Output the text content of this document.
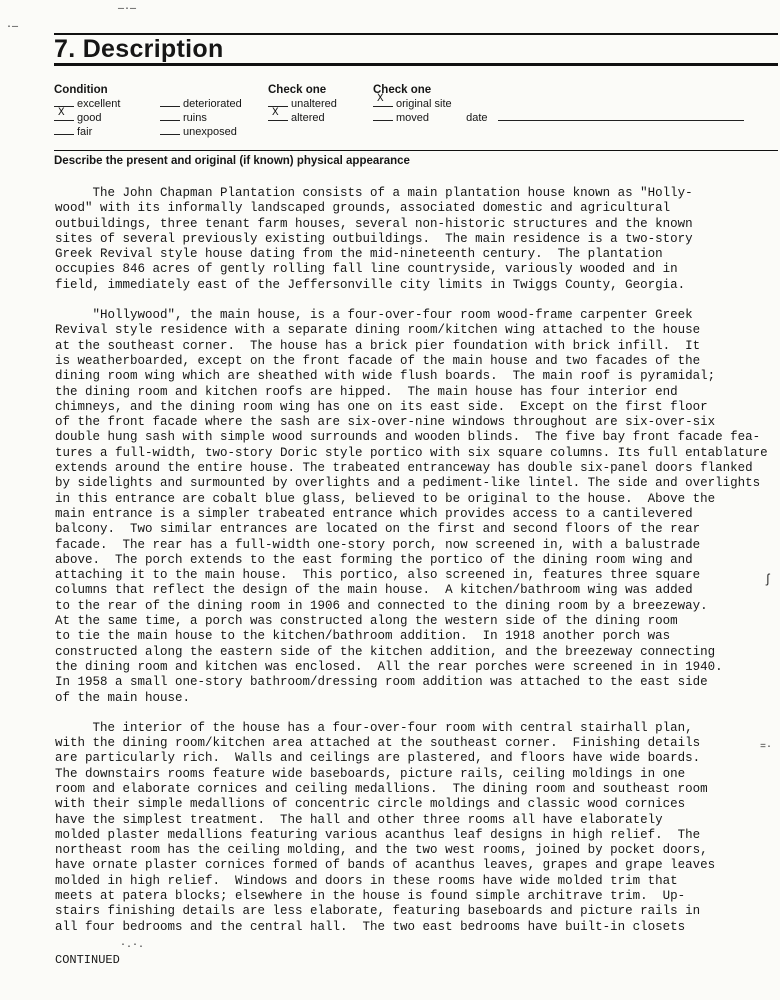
—·—
·—
7. Description
Condition
excellent
X good
fair
deteriorated
ruins
unexposed
Check one
unaltered
X altered
Check one
X original site
moved	date
Describe the present and original (if known) physical appearance
The John Chapman Plantation consists of a main plantation house known as "Holly-
wood" with its informally landscaped grounds, associated domestic and agricultural
outbuildings, three tenant farm houses, several non-historic structures and the known
sites of several previously existing outbuildings.  The main residence is a two-story
Greek Revival style house dating from the mid-nineteenth century.  The plantation
occupies 846 acres of gently rolling fall line countryside, variously wooded and in
field, immediately east of the Jeffersonville city limits in Twiggs County, Georgia.
"Hollywood", the main house, is a four-over-four room wood-frame carpenter Greek
Revival style residence with a separate dining room/kitchen wing attached to the house
at the southeast corner.  The house has a brick pier foundation with brick infill.  It
is weatherboarded, except on the front facade of the main house and two facades of the
dining room wing which are sheathed with wide flush boards.  The main roof is pyramidal;
the dining room and kitchen roofs are hipped.  The main house has four interior end
chimneys, and the dining room wing has one on its east side.  Except on the first floor
of the front facade where the sash are six-over-nine windows throughout are six-over-six
double hung sash with simple wood surrounds and wooden blinds.  The five bay front facade fea-
tures a full-width, two-story Doric style portico with six square columns. Its full entablature
extends around the entire house. The trabeated entranceway has double six-panel doors flanked
by sidelights and surmounted by overlights and a pediment-like lintel. The side and overlights
in this entrance are cobalt blue glass, believed to be original to the house.  Above the
main entrance is a simpler trabeated entrance which provides access to a cantilevered
balcony.  Two similar entrances are located on the first and second floors of the rear
facade.  The rear has a full-width one-story porch, now screened in, with a balustrade
above.  The porch extends to the east forming the portico of the dining room wing and
attaching it to the main house.  This portico, also screened in, features three square
columns that reflect the design of the main house.  A kitchen/bathroom wing was added
to the rear of the dining room in 1906 and connected to the dining room by a breezeway.
At the same time, a porch was constructed along the western side of the dining room
to tie the main house to the kitchen/bathroom addition.  In 1918 another porch was
constructed along the eastern side of the kitchen addition, and the breezeway connecting
the dining room and kitchen was enclosed.  All the rear porches were screened in in 1940.
In 1958 a small one-story bathroom/dressing room addition was attached to the east side
of the main house.
The interior of the house has a four-over-four room with central stairhall plan,
with the dining room/kitchen area attached at the southeast corner.  Finishing details
are particularly rich.  Walls and ceilings are plastered, and floors have wide boards.
The downstairs rooms feature wide baseboards, picture rails, ceiling moldings in one
room and elaborate cornices and ceiling medallions.  The dining room and southeast room
with their simple medallions of concentric circle moldings and classic wood cornices
have the simplest treatment.  The hall and other three rooms all have elaborately
molded plaster medallions featuring various acanthus leaf designs in high relief.  The
northeast room has the ceiling molding, and the two west rooms, joined by pocket doors,
have ornate plaster cornices formed of bands of acanthus leaves, grapes and grape leaves
molded in high relief.  Windows and doors in these rooms have wide molded trim that
meets at patera blocks; elsewhere in the house is found simple architrave trim.  Up-
stairs finishing details are less elaborate, featuring baseboards and picture rails in
all four bedrooms and the central hall.  The two east bedrooms have built-in closets
CONTINUED
ʃ
=·
·.·.
